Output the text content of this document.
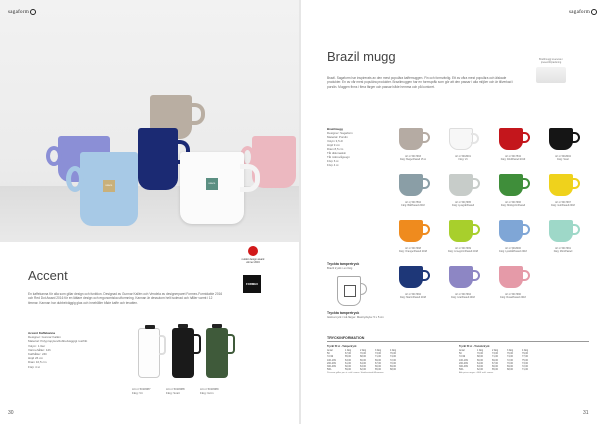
BRAZIL
BRAZIL
sagaform
reddot design award winner 2016
FORMEX
Accent

En kaffekanna för alla som gillar design och funktion. Designad av Gunnar Kallén och Vendela av designerparet Formex-Formidable 2016 och Red Dot Award 2016 för en lättare design och ergonomiska utformning. Kannan är dessutom helt isolerad och håller varmt i 12 timmar. Kannan har dubbelväggig glas och innehåller både kaffe och tevatten.

Accent Kaffekanna
Designer: Gunnar Kallén
Material: Polypropylen/dubbelväggigt rostfritt
Volym: 1 liter
Värmehåller: 12h
Kallhåller: 24h
Höjd 26 cm
Diam 10,5 cm
Förp 4 st
Art nr 5018087
Färg: Vit
Art nr 5018088
Färg: Svart
Art nr 5018089
Färg: Grön
30
sagaform
Brazil mugg

Brazil. Sagaform har inspirerats av den mest populära kaffemuggen. Fin och formvänlig. Ett av våra mest populära och älskade produkter. En av vår mest populära produkter. Brazilmuggen har en formspråk som gör att den passar i alla miljöer och är tillverkad i porslin. Muggen finns i flera färger och passar både hemma och på kontoret.

Brazilmugg levereras i presentförpackning
Brazilmugg
Designer: Sagaform
Material: Porslin
Volym 3,5 dl
Höjd 9 cm
Diam 8,5 cm
Tål diskmaskin
Tål mikrovågsugn
Förp 6 st
Förp 4 st
Art nr 5017993
Färg: Beige/Pastell 15 st
Art nr 5018001
Färg: Vit
Art nr 5017532
Färg: Röd/Pastell 2019
Art nr 5018002
Färg: Svart
Art nr 5017594
Färg: Blå/Pastell 2018
Art nr 5017995
Färg: Ljusgrå/Pastell
Art nr 5017996
Färg: Mörkgrön/Pastell
Art nr 5017997
Färg: Gul/Pastell 2018
Art nr 5017998
Färg: Orange/Pastell 2018
Art nr 5017999
Färg: Limegrön/Pastell 2018
Art nr 5018000
Färg: Ljusblå/Pastell 2018
Art nr 5017991
Färg: Mint/Pastell
Art nr 5017992
Färg: Marin/Pastell 2018
Art nr 5017994
Färg: Lila/Pastell 2018
Art nr 5017990
Färg: Rosa/Pastell 2018
Tryckta tampertryck
Brazil tryckt i en färg
Tryckta tampertryck
Gärna tryck i två färger. Maxtryckyta: 5 x 5 cm
TRYCKINFORMATION
Tryckt 50 st - Tampertryck
Antal	1 färg	2 färg	3 färg	4 färg
50	67,00	70,00	73,00	76,00
72-99	65,00	68,00	71,00	74,00
100-199	63,00	66,00	69,00	72,00
200-299	61,00	64,00	67,00	70,00
300-499	60,00	63,00	66,00	69,00
500-	59,00	62,00	65,00	68,00
Tryckt 50 st - Transfertryck
Antal	1 färg	2 färg	3 färg	4 färg
50	70,00	73,00	76,00	79,00
72-99	68,00	71,00	74,00	77,00
100-199	66,00	69,00	72,00	75,00
200-299	64,00	67,00	70,00	73,00
300-499	63,00	66,00	69,00	72,00
500-	62,00	65,00	68,00	71,00
Priserna gäller per st. exkl. moms. Startkostnad tillkommer.	Alla priser anges i SEK exkl. moms.
31
